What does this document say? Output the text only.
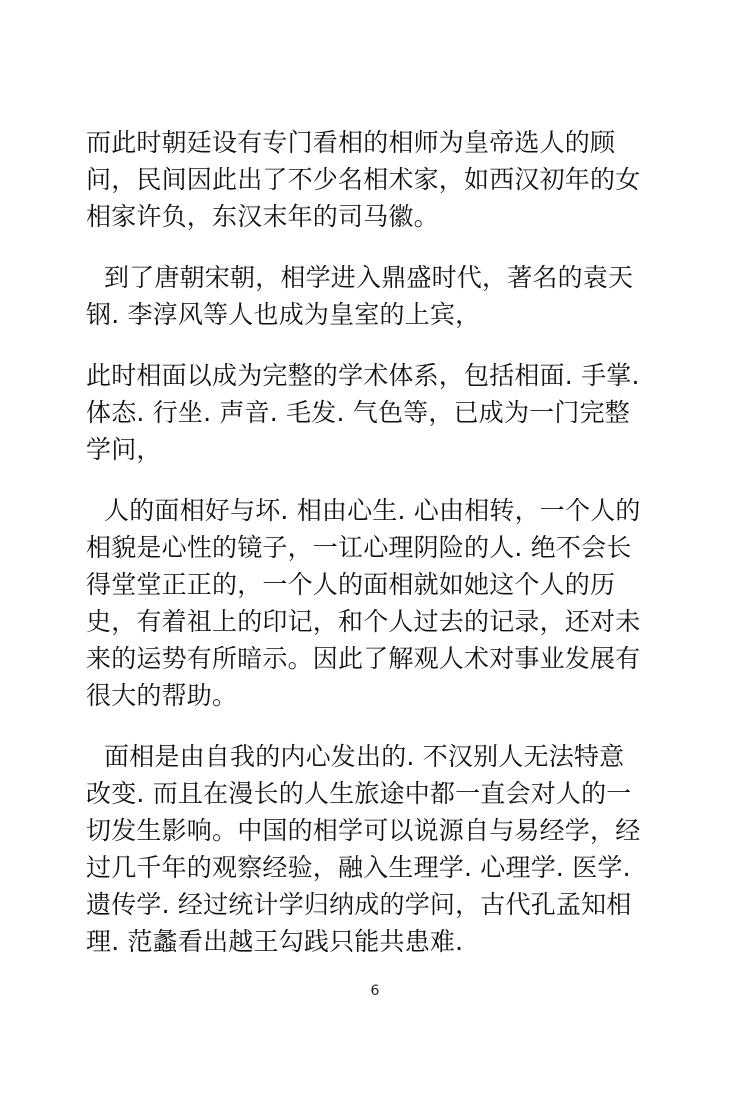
而此时朝廷设有专门看相的相师为皇帝选人的顾问，民间因此出了不少名相术家，如西汉初年的女相家许负，东汉末年的司马徽。

到了唐朝宋朝，相学进入鼎盛时代，著名的袁天钢. 李淳风等人也成为皇室的上宾，

此时相面以成为完整的学术体系，包括相面. 手掌. 体态. 行坐. 声音. 毛发. 气色等，已成为一门完整学问，

人的面相好与坏. 相由心生. 心由相转，一个人的相貌是心性的镜子，一讧心理阴险的人. 绝不会长得堂堂正正的，一个人的面相就如她这个人的历史，有着祖上的印记，和个人过去的记录，还对未来的运势有所暗示。因此了解观人术对事业发展有很大的帮助。

面相是由自我的内心发出的. 不汉别人无法特意改变. 而且在漫长的人生旅途中都一直会对人的一切发生影响。中国的相学可以说源自与易经学，经过几千年的观察经验，融入生理学. 心理学. 医学. 遗传学. 经过统计学归纳成的学问，古代孔孟知相理. 范蠡看出越王勾践只能共患难.

6
